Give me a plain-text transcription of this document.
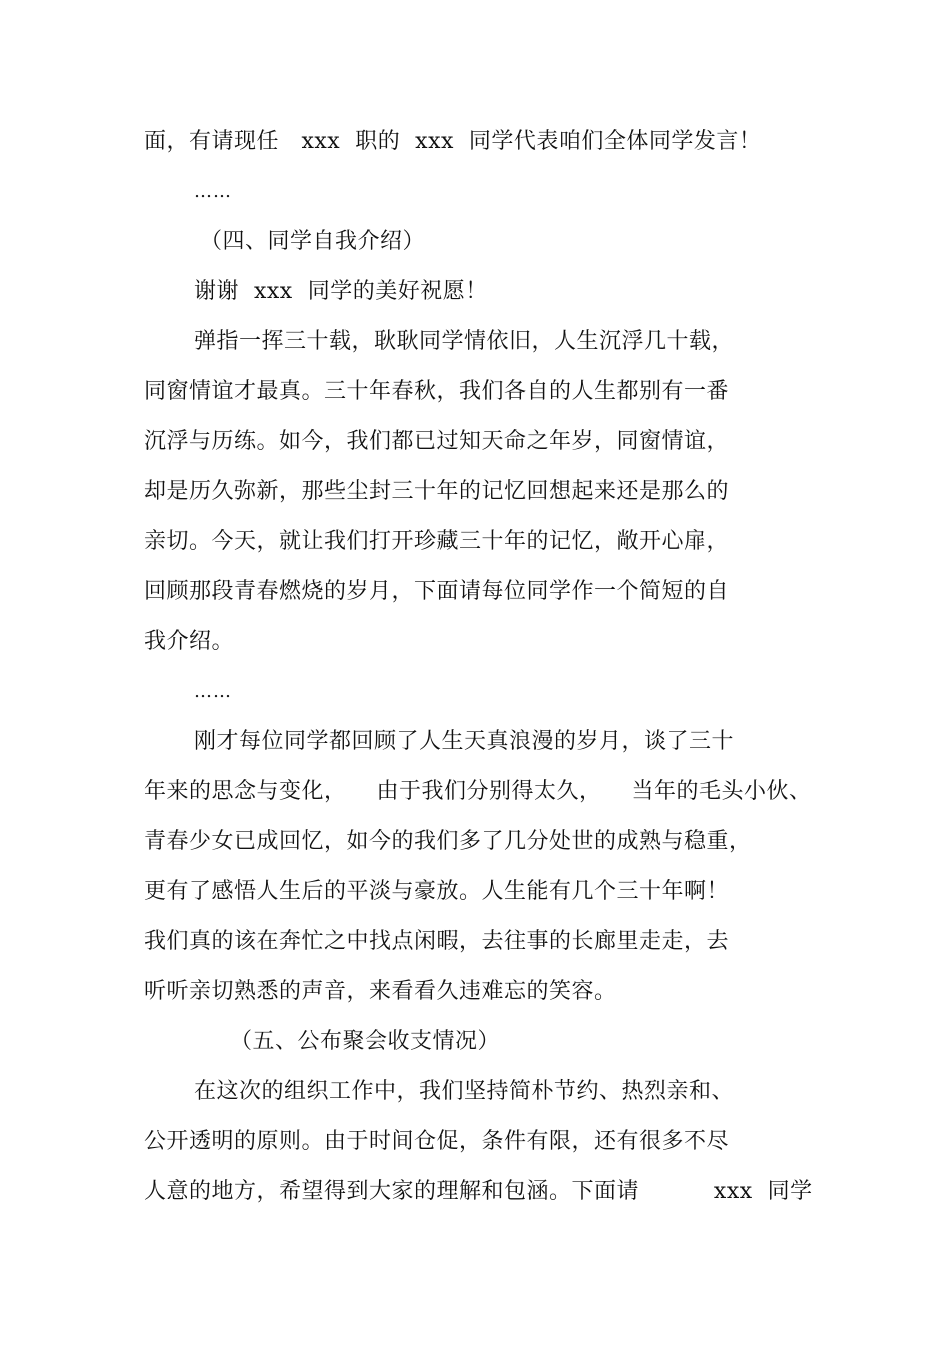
面，有请现任   xxx  职的  xxx  同学代表咱们全体同学发言！
……
（四、同学自我介绍）
谢谢  xxx  同学的美好祝愿！
弹指一挥三十载，耿耿同学情依旧，人生沉浮几十载，
同窗情谊才最真。三十年春秋，我们各自的人生都别有一番
沉浮与历练。如今，我们都已过知天命之年岁，同窗情谊，
却是历久弥新，那些尘封三十年的记忆回想起来还是那么的
亲切。今天，就让我们打开珍藏三十年的记忆，敞开心扉，
回顾那段青春燃烧的岁月，下面请每位同学作一个简短的自
我介绍。
……
刚才每位同学都回顾了人生天真浪漫的岁月，谈了三十
年来的思念与变化，    由于我们分别得太久，    当年的毛头小伙、
青春少女已成回忆，如今的我们多了几分处世的成熟与稳重，
更有了感悟人生后的平淡与豪放。人生能有几个三十年啊！
我们真的该在奔忙之中找点闲暇，去往事的长廊里走走，去
听听亲切熟悉的声音，来看看久违难忘的笑容。
（五、公布聚会收支情况）
在这次的组织工作中，我们坚持简朴节约、热烈亲和、
公开透明的原则。由于时间仓促，条件有限，还有很多不尽
人意的地方，希望得到大家的理解和包涵。下面请          xxx  同学
